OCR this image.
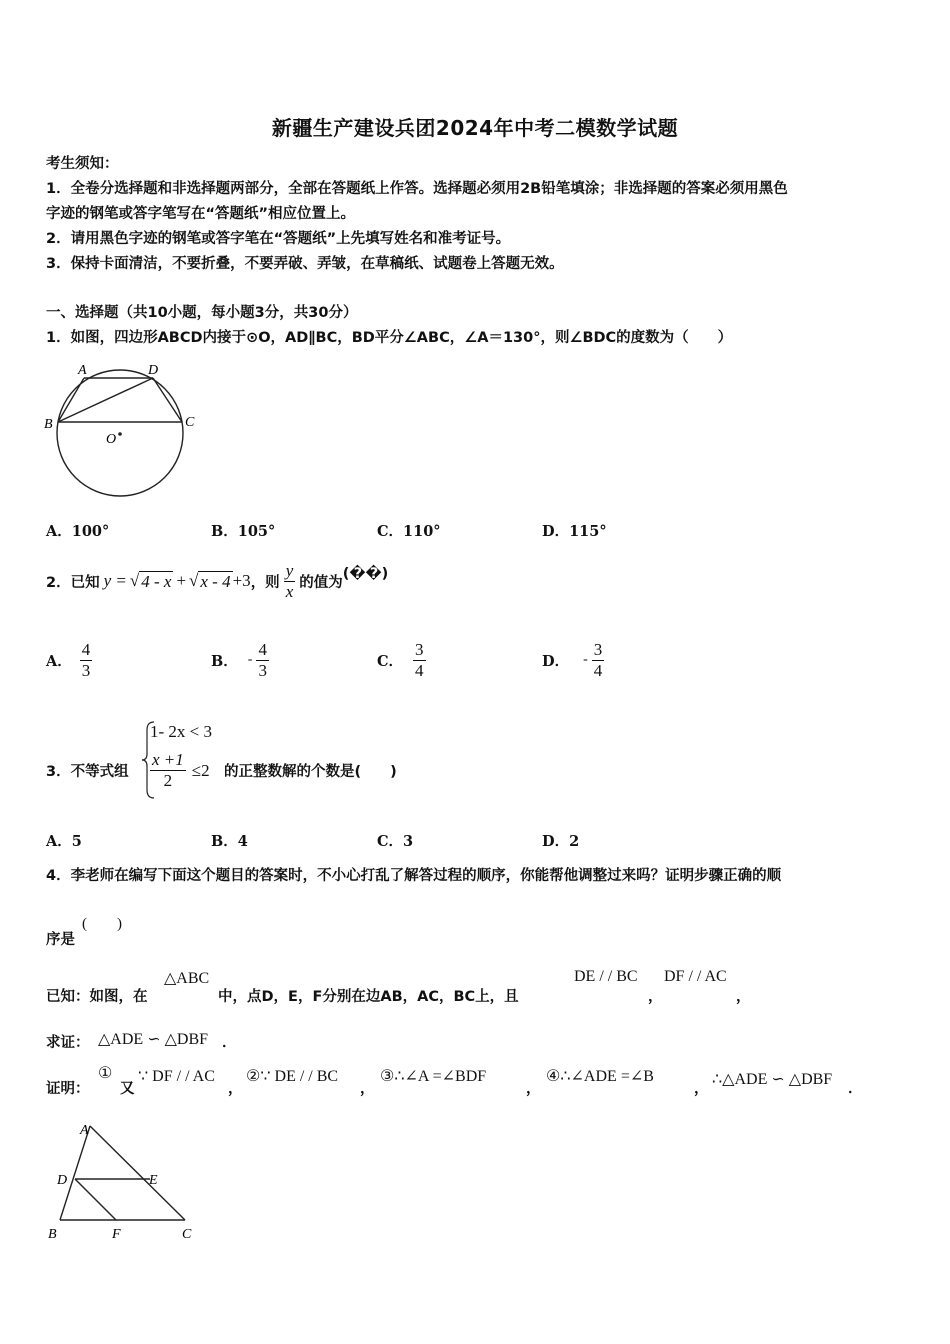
新疆生产建设兵团2024年中考二模数学试题
考生须知：
1．全卷分选择题和非选择题两部分，全部在答题纸上作答。选择题必须用2B铅笔填涂；非选择题的答案必须用黑色
字迹的钢笔或答字笔写在“答题纸”相应位置上。
2．请用黑色字迹的钢笔或答字笔在“答题纸”上先填写姓名和准考证号。
3．保持卡面清洁，不要折叠，不要弄破、弄皱，在草稿纸、试题卷上答题无效。
一、选择题（共10小题，每小题3分，共30分）
1．如图，四边形ABCD内接于⊙O，AD∥BC，BD平分∠ABC，∠A＝130°，则∠BDC的度数为（　　）
A	D
B	C
O
A．100°	B．105°	C．110°	D．115°
2．已知 y = √ 4 - x + √ x - 4 +3 ，则 $\frac{y}{x}$ 的值为
(��)
A． $\frac{4}{3}$	B． - $\frac{4}{3}$	C． $\frac{3}{4}$	D． - $\frac{3}{4}$
3．不等式组
1- 2x < 3
$\frac{x +1}{2} \le 2$ 的正整数解的个数是(　　)
A．5	B．4	C．3	D．2
4．李老师在编写下面这个题目的答案时，不小心打乱了解答过程的顺序，你能帮他调整过来吗？证明步骤正确的顺
序是
(　　)
已知：如图，在
△ABC
中，点D，E，F分别在边AB，AC，BC上，且
DE / / BC
，
DF / / AC
，
求证： △ADE ∽ △DBF ．
证明：
①
又
∵ DF / / AC
，
②∵ DE / / BC
，
③∴∠A =∠BDF
，
④∴∠ADE =∠B
，
∴△ADE ∽ △DBF
．
A
D	E
B	F	C
